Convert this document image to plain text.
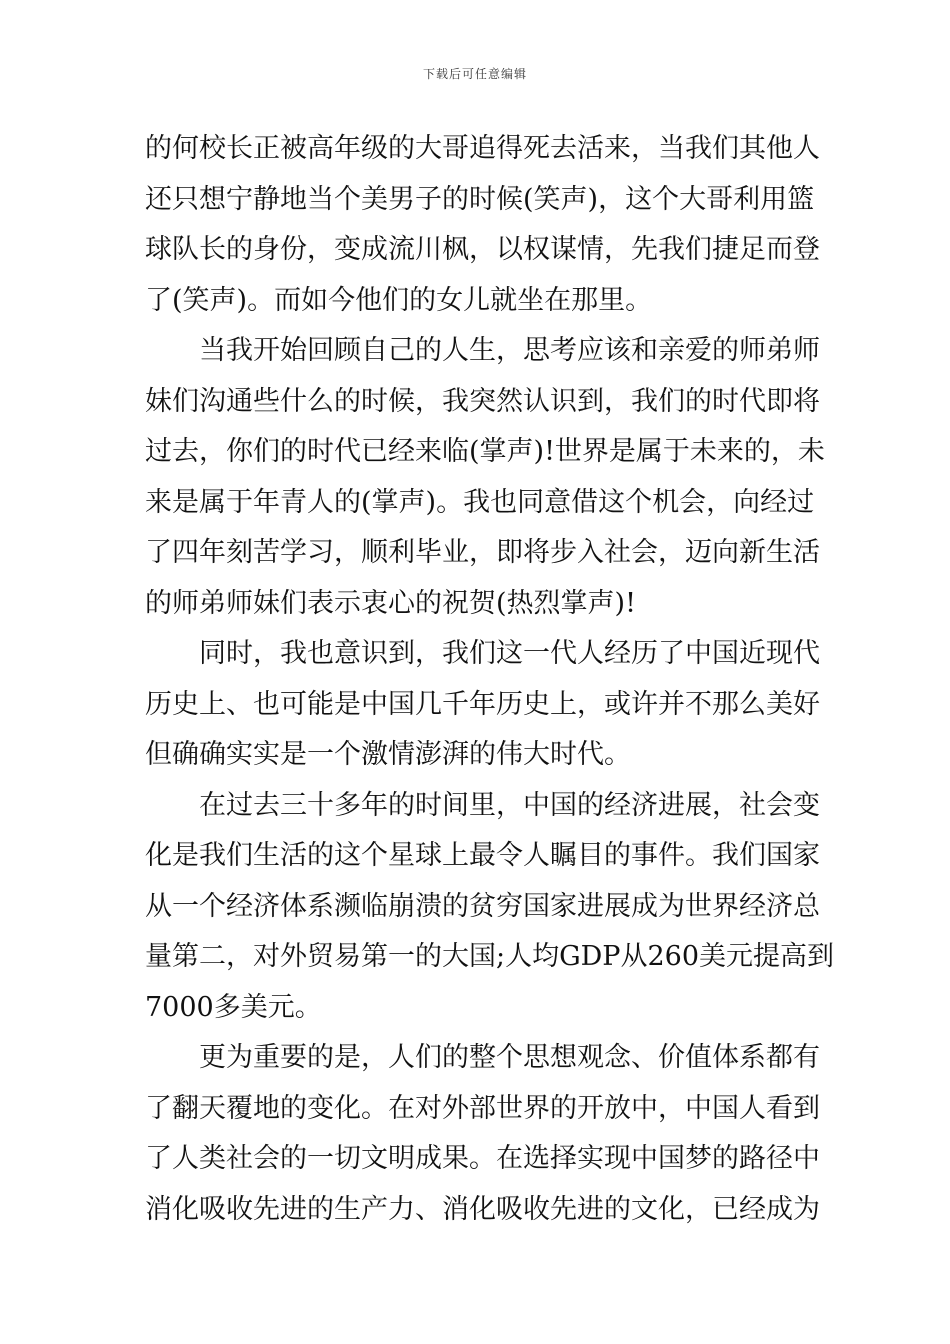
下载后可任意编辑

的何校长正被高年级的大哥追得死去活来，当我们其他人
还只想宁静地当个美男子的时候(笑声)，这个大哥利用篮
球队长的身份，变成流川枫，以权谋情，先我们捷足而登
了(笑声)。而如今他们的女儿就坐在那里。

当我开始回顾自己的人生，思考应该和亲爱的师弟师
妹们沟通些什么的时候，我突然认识到，我们的时代即将
过去，你们的时代已经来临(掌声)!世界是属于未来的，未
来是属于年青人的(掌声)。我也同意借这个机会，向经过
了四年刻苦学习，顺利毕业，即将步入社会，迈向新生活
的师弟师妹们表示衷心的祝贺(热烈掌声)!

同时，我也意识到，我们这一代人经历了中国近现代
历史上、也可能是中国几千年历史上，或许并不那么美好
但确确实实是一个激情澎湃的伟大时代。

在过去三十多年的时间里，中国的经济进展，社会变
化是我们生活的这个星球上最令人瞩目的事件。我们国家
从一个经济体系濒临崩溃的贫穷国家进展成为世界经济总
量第二，对外贸易第一的大国;人均GDP从260美元提高到
7000多美元。

更为重要的是，人们的整个思想观念、价值体系都有
了翻天覆地的变化。在对外部世界的开放中，中国人看到
了人类社会的一切文明成果。在选择实现中国梦的路径中
消化吸收先进的生产力、消化吸收先进的文化，已经成为
